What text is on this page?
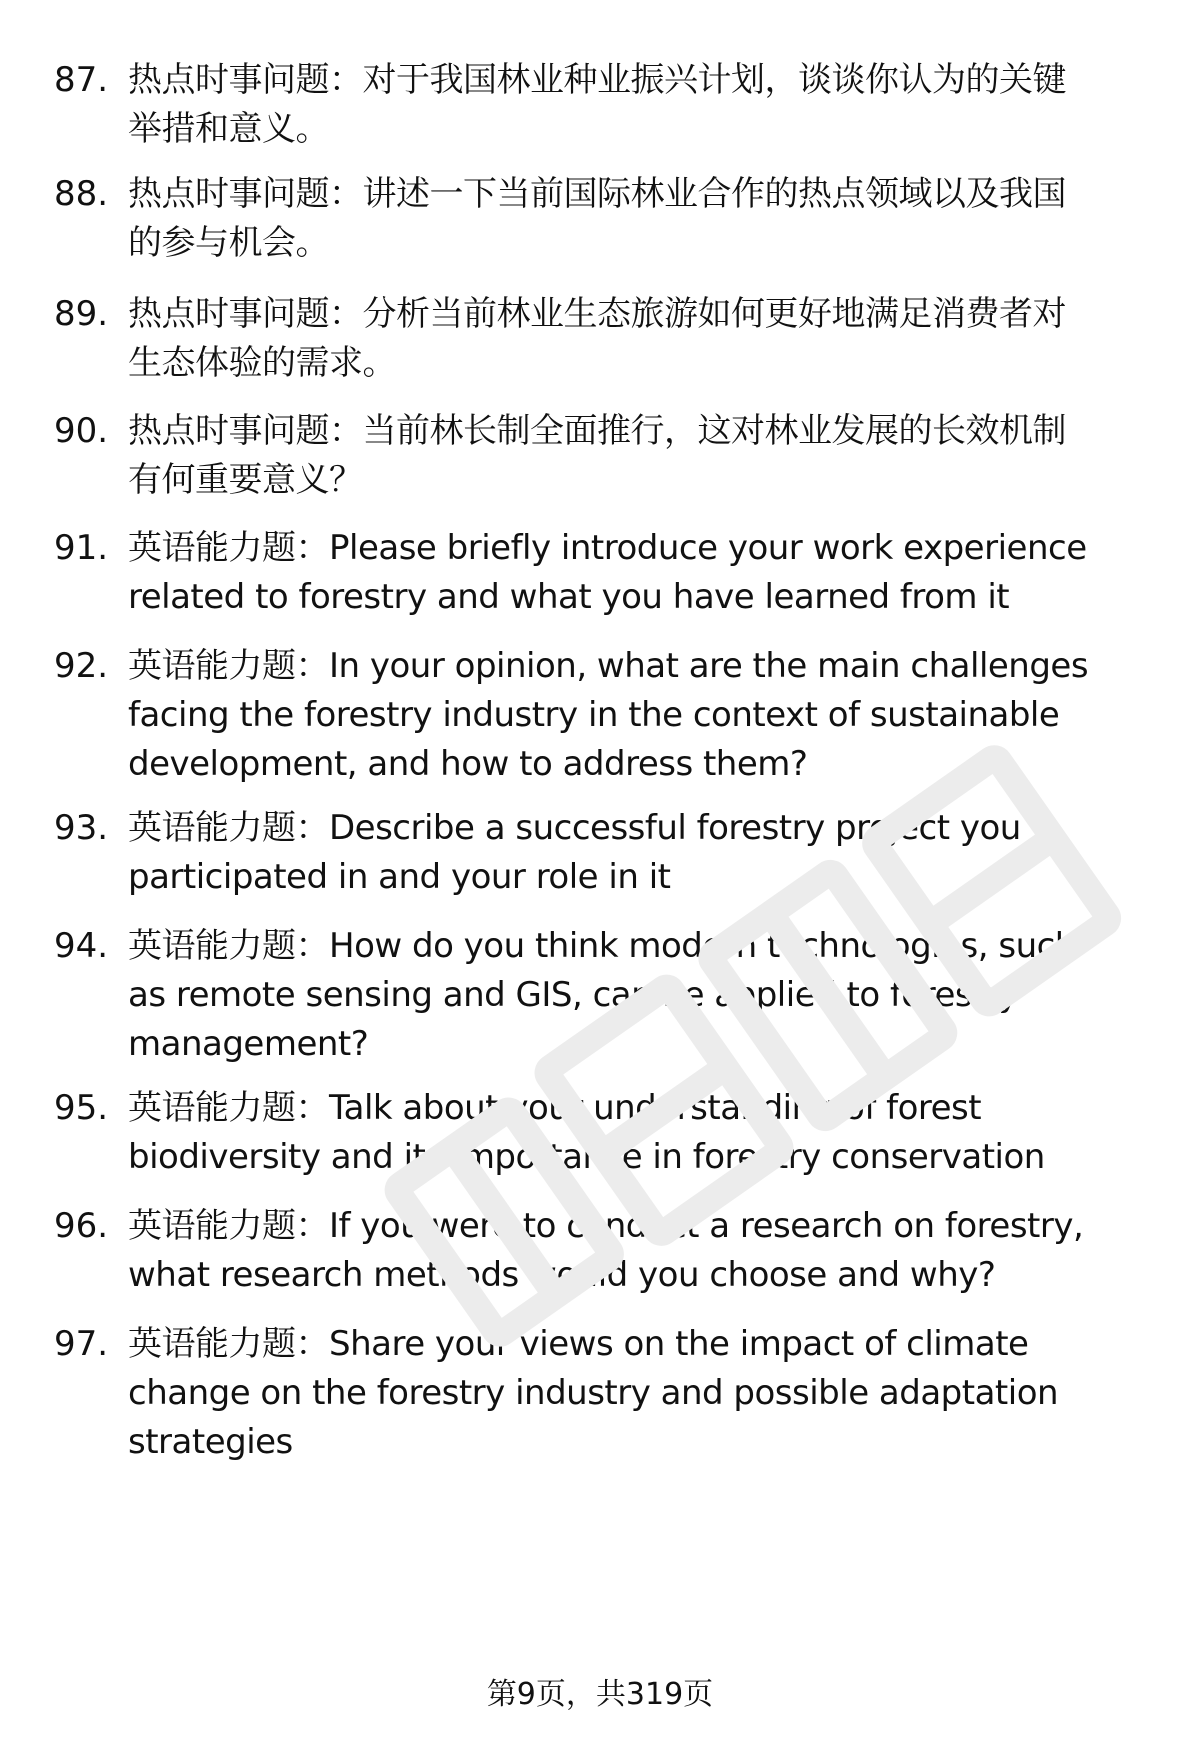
87. 热点时事问题：对于我国林业种业振兴计划，谈谈你认为的关键
举措和意义。
88. 热点时事问题：讲述一下当前国际林业合作的热点领域以及我国
的参与机会。
89. 热点时事问题：分析当前林业生态旅游如何更好地满足消费者对
生态体验的需求。
90. 热点时事问题：当前林长制全面推行，这对林业发展的长效机制
有何重要意义？
91. 英语能力题：Please briefly introduce your work experience
related to forestry and what you have learned from it
92. 英语能力题：In your opinion, what are the main challenges
facing the forestry industry in the context of sustainable
development, and how to address them?
93. 英语能力题：Describe a successful forestry project you
participated in and your role in it
94. 英语能力题：How do you think modern technologies, such
as remote sensing and GIS, can be applied to forestry
management?
95. 英语能力题：Talk about your understanding of forest
biodiversity and its importance in forestry conservation
96. 英语能力题：If you were to conduct a research on forestry,
what research methods would you choose and why?
97. 英语能力题：Share your views on the impact of climate
change on the forestry industry and possible adaptation
strategies
第9页，共319页
